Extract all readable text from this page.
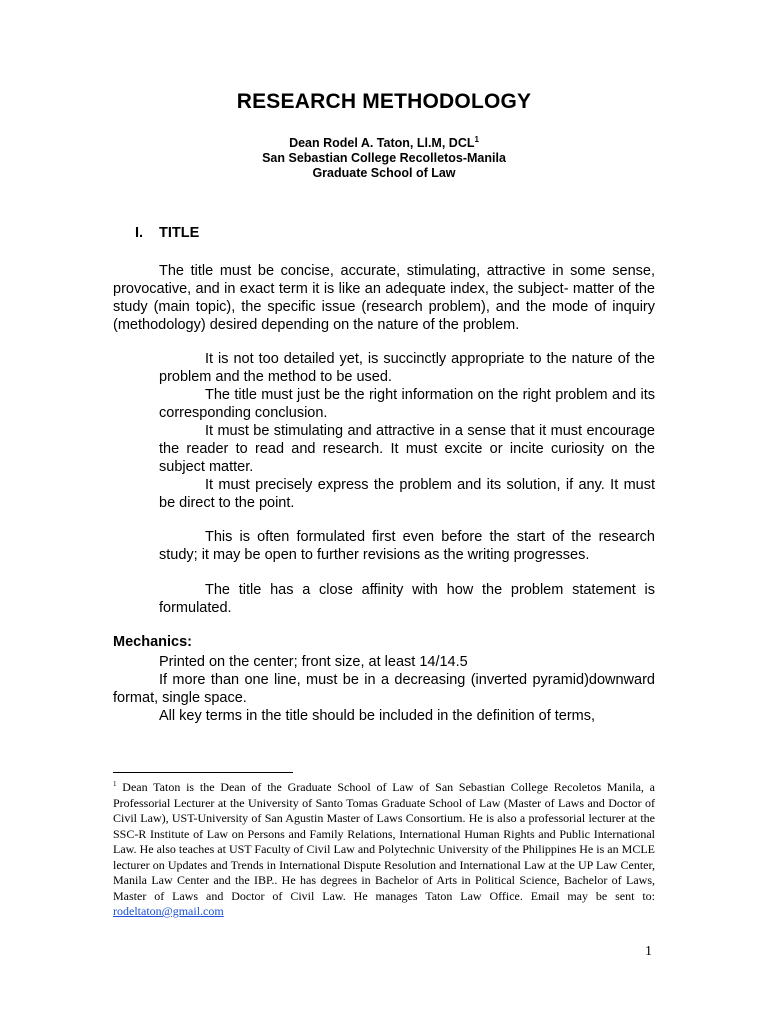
RESEARCH METHODOLOGY
Dean Rodel A. Taton, Ll.M, DCL$^1$
San Sebastian College Recolletos-Manila
Graduate School of Law
I. TITLE
The title must be concise, accurate, stimulating, attractive in some sense, provocative, and in exact term it is like an adequate index, the subject- matter of the study (main topic), the specific issue (research problem), and the mode of inquiry (methodology) desired depending on the nature of the problem.
It is not too detailed yet, is succinctly appropriate to the nature of the problem and the method to be used.
The title must just be the right information on the right problem and its corresponding conclusion.
It must be stimulating and attractive in a sense that it must encourage the reader to read and research. It must excite or incite curiosity on the subject matter.
It must precisely express the problem and its solution, if any. It must be direct to the point.
This is often formulated first even before the start of the research study; it may be open to further revisions as the writing progresses.
The title has a close affinity with how the problem statement is formulated.
Mechanics:
Printed on the center; front size, at least 14/14.5
If more than one line, must be in a decreasing (inverted pyramid)downward format, single space.
All key terms in the title should be included in the definition of terms,
$^1$ Dean Taton is the Dean of the Graduate School of Law of San Sebastian College Recoletos Manila, a Professorial Lecturer at the University of Santo Tomas Graduate School of Law (Master of Laws and Doctor of Civil Law), UST-University of San Agustin Master of Laws Consortium. He is also a professorial lecturer at the SSC-R Institute of Law on Persons and Family Relations, International Human Rights and Public International Law. He also teaches at UST Faculty of Civil Law and Polytechnic University of the Philippines He is an MCLE lecturer on Updates and Trends in International Dispute Resolution and International Law at the UP Law Center, Manila Law Center and the IBP.. He has degrees in Bachelor of Arts in Political Science, Bachelor of Laws, Master of Laws and Doctor of Civil Law. He manages Taton Law Office. Email may be sent to: rodeltaton@gmail.com
1
